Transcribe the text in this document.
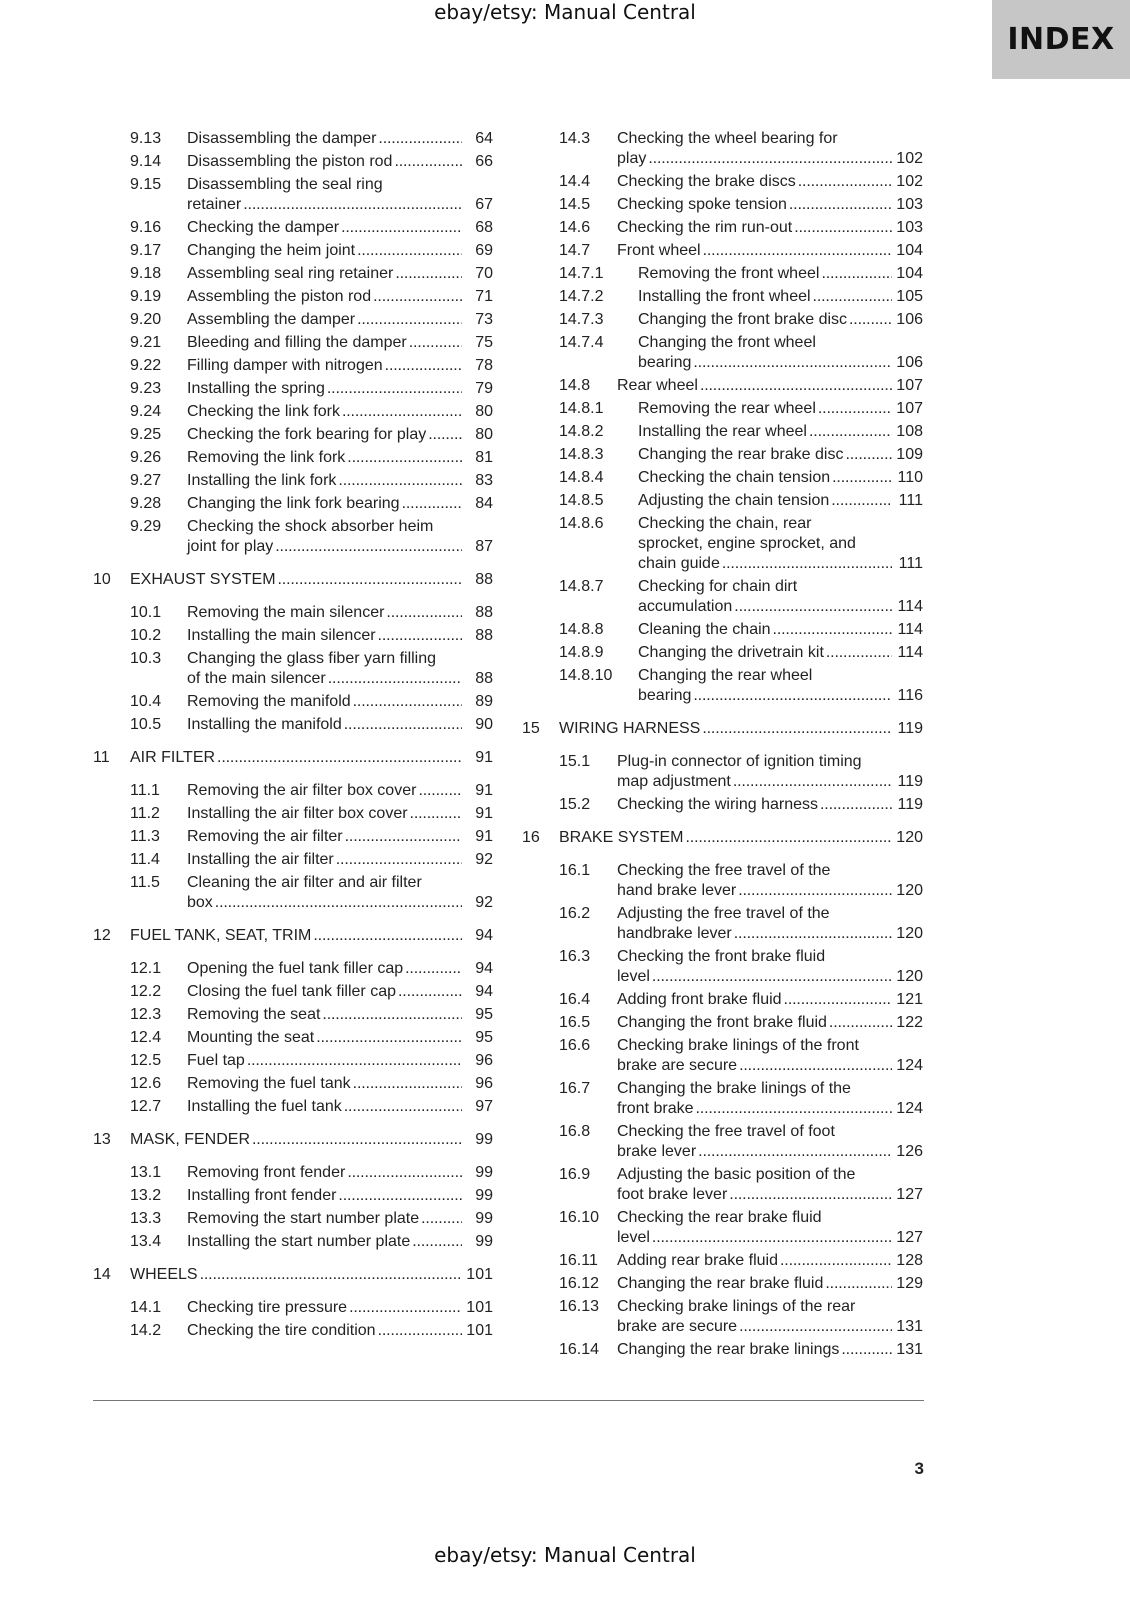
ebay/etsy: Manual Central
INDEX
9.13 Disassembling the damper . . .	64
9.14 Disassembling the piston rod . . .	66
9.15 Disassembling the seal ring
retainer . . .	67
9.16 Checking the damper . . .	68
9.17 Changing the heim joint . . .	69
9.18 Assembling seal ring retainer . . .	70
9.19 Assembling the piston rod . . .	71
9.20 Assembling the damper . . .	73
9.21 Bleeding and filling the damper . . .	75
9.22 Filling damper with nitrogen . . .	78
9.23 Installing the spring . . .	79
9.24 Checking the link fork . . .	80
9.25 Checking the fork bearing for play . . .	80
9.26 Removing the link fork . . .	81
9.27 Installing the link fork . . .	83
9.28 Changing the link fork bearing . . .	84
9.29 Checking the shock absorber heim
joint for play . . .	87
10 EXHAUST SYSTEM . . .	88
10.1 Removing the main silencer . . .	88
10.2 Installing the main silencer . . .	88
10.3 Changing the glass fiber yarn filling
of the main silencer . . .	88
10.4 Removing the manifold . . .	89
10.5 Installing the manifold . . .	90
11 AIR FILTER . . .	91
11.1 Removing the air filter box cover . . .	91
11.2 Installing the air filter box cover . . .	91
11.3 Removing the air filter . . .	91
11.4 Installing the air filter . . .	92
11.5 Cleaning the air filter and air filter
box . . .	92
12 FUEL TANK, SEAT, TRIM . . .	94
12.1 Opening the fuel tank filler cap . . .	94
12.2 Closing the fuel tank filler cap . . .	94
12.3 Removing the seat . . .	95
12.4 Mounting the seat . . .	95
12.5 Fuel tap . . .	96
12.6 Removing the fuel tank . . .	96
12.7 Installing the fuel tank . . .	97
13 MASK, FENDER . . .	99
13.1 Removing front fender . . .	99
13.2 Installing front fender . . .	99
13.3 Removing the start number plate . . .	99
13.4 Installing the start number plate . . .	99
14 WHEELS . . .	101
14.1 Checking tire pressure . . .	101
14.2 Checking the tire condition . . .	101
14.3 Checking the wheel bearing for
play . . .	102
14.4 Checking the brake discs . . .	102
14.5 Checking spoke tension . . .	103
14.6 Checking the rim run-out . . .	103
14.7 Front wheel . . .	104
14.7.1 Removing the front wheel . . .	104
14.7.2 Installing the front wheel . . .	105
14.7.3 Changing the front brake disc . . .	106
14.7.4 Changing the front wheel
bearing . . .	106
14.8 Rear wheel . . .	107
14.8.1 Removing the rear wheel . . .	107
14.8.2 Installing the rear wheel . . .	108
14.8.3 Changing the rear brake disc . . .	109
14.8.4 Checking the chain tension . . .	110
14.8.5 Adjusting the chain tension . . .	111
14.8.6 Checking the chain, rear
sprocket, engine sprocket, and
chain guide . . .	111
14.8.7 Checking for chain dirt
accumulation . . .	114
14.8.8 Cleaning the chain . . .	114
14.8.9 Changing the drivetrain kit . . .	114
14.8.10 Changing the rear wheel
bearing . . .	116
15 WIRING HARNESS . . .	119
15.1 Plug-in connector of ignition timing
map adjustment . . .	119
15.2 Checking the wiring harness . . .	119
16 BRAKE SYSTEM . . .	120
16.1 Checking the free travel of the
hand brake lever . . .	120
16.2 Adjusting the free travel of the
handbrake lever . . .	120
16.3 Checking the front brake fluid
level . . .	120
16.4 Adding front brake fluid . . .	121
16.5 Changing the front brake fluid . . .	122
16.6 Checking brake linings of the front
brake are secure . . .	124
16.7 Changing the brake linings of the
front brake . . .	124
16.8 Checking the free travel of foot
brake lever . . .	126
16.9 Adjusting the basic position of the
foot brake lever . . .	127
16.10 Checking the rear brake fluid
level . . .	127
16.11 Adding rear brake fluid . . .	128
16.12 Changing the rear brake fluid . . .	129
16.13 Checking brake linings of the rear
brake are secure . . .	131
16.14 Changing the rear brake linings . . .	131
3
ebay/etsy: Manual Central
